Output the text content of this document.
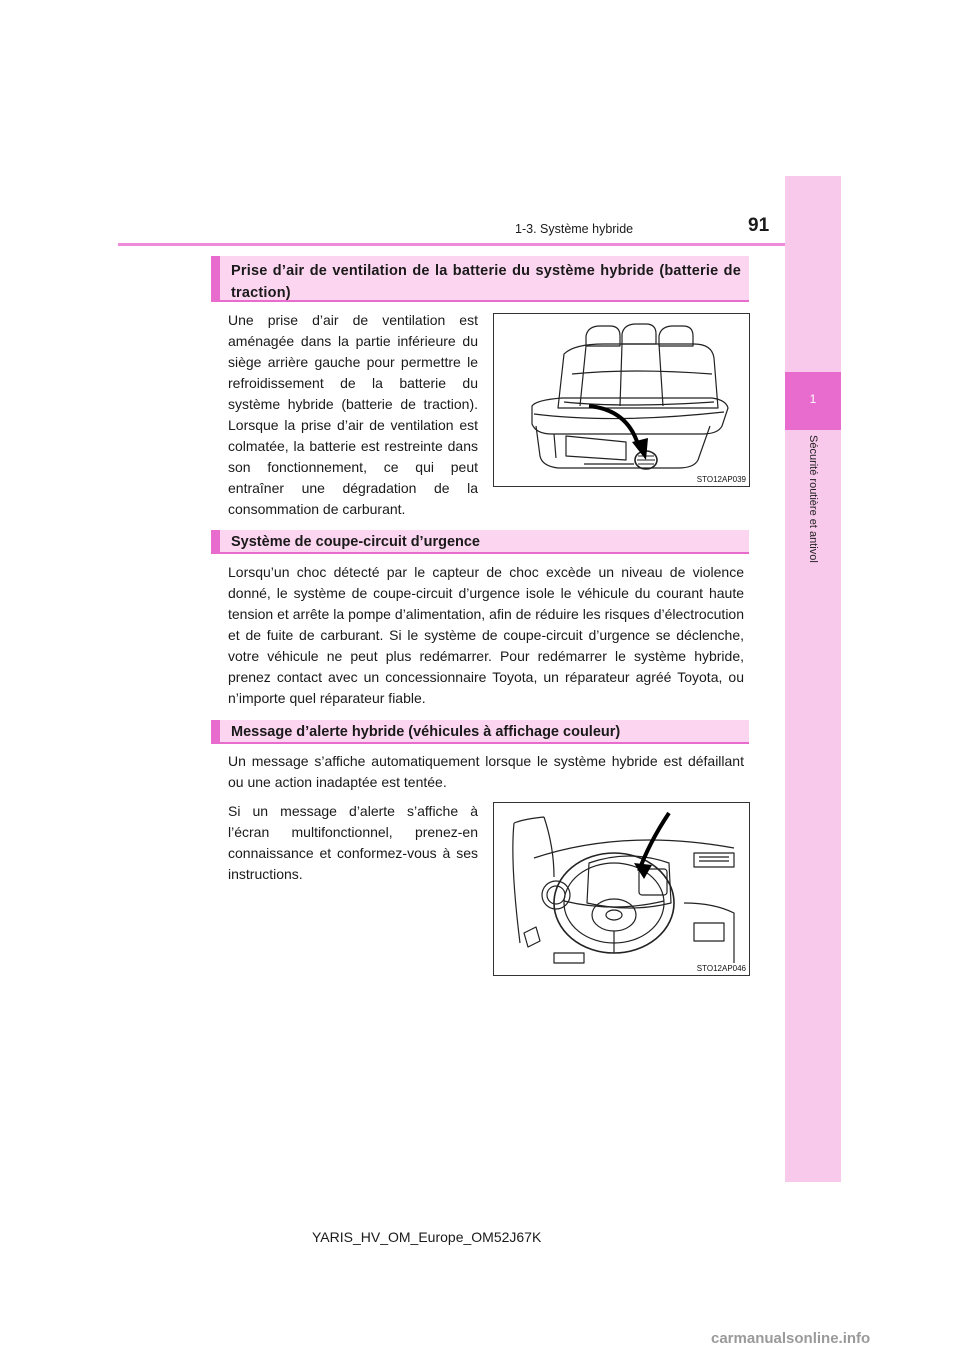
1
Sécurité routière et antivol
1-3. Système hybride	91
Prise d’air de ventilation de la batterie du système hybride (batterie de traction)

Une prise d’air de ventilation est aménagée dans la partie inférieure du siège arrière gauche pour permettre le refroidissement de la batterie du système hybride (batterie de traction). Lorsque la prise d’air de ventilation est colmatée, la batterie est restreinte dans son fonctionnement, ce qui peut entraîner une dégradation de la consommation de carburant.

STO12AP039
Système de coupe-circuit d’urgence

Lorsqu’un choc détecté par le capteur de choc excède un niveau de violence donné, le système de coupe-circuit d’urgence isole le véhicule du courant haute tension et arrête la pompe d’alimentation, afin de réduire les risques d’électrocution et de fuite de carburant. Si le système de coupe-circuit d’urgence se déclenche, votre véhicule ne peut plus redémarrer. Pour redémarrer le système hybride, prenez contact avec un concessionnaire Toyota, un réparateur agréé Toyota, ou n’importe quel réparateur fiable.

Message d’alerte hybride (véhicules à affichage couleur)

Un message s’affiche automatiquement lorsque le système hybride est défaillant ou une action inadaptée est tentée.

Si un message d’alerte s’affiche à l’écran multifonctionnel, prenez-en connaissance et conformez-vous à ses instructions.

STO12AP046
YARIS_HV_OM_Europe_OM52J67K
carmanualsonline.info
